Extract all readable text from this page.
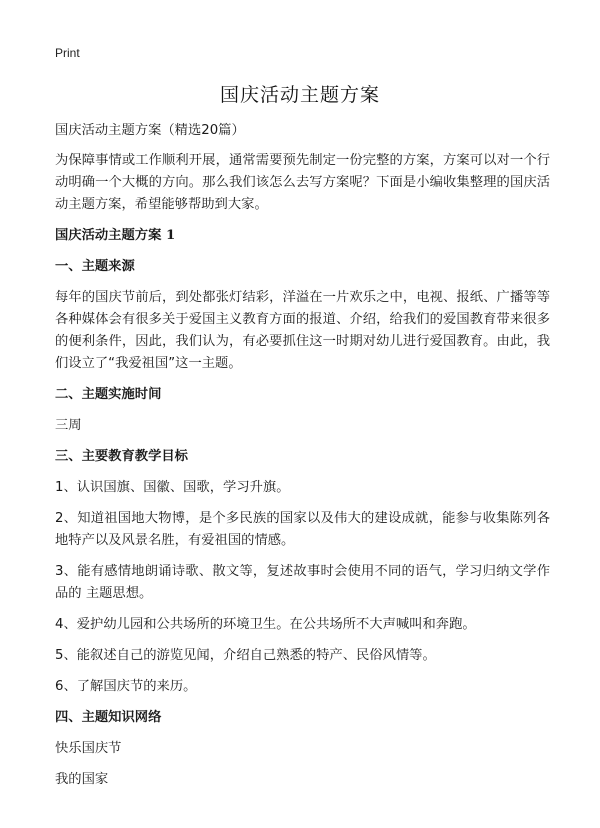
Print
国庆活动主题方案

国庆活动主题方案（精选20篇）

为保障事情或工作顺利开展，通常需要预先制定一份完整的方案，方案可以对一个行动明确一个大概的方向。那么我们该怎么去写方案呢？下面是小编收集整理的国庆活动主题方案，希望能够帮助到大家。

国庆活动主题方案 1

一、主题来源

每年的国庆节前后，到处都张灯结彩，洋溢在一片欢乐之中，电视、报纸、广播等等各种媒体会有很多关于爱国主义教育方面的报道、介绍，给我们的爱国教育带来很多的便利条件，因此，我们认为，有必要抓住这一时期对幼儿进行爱国教育。由此，我们设立了“我爱祖国”这一主题。

二、主题实施时间

三周

三、主要教育教学目标

1、认识国旗、国徽、国歌，学习升旗。

2、知道祖国地大物博，是个多民族的国家以及伟大的建设成就，能参与收集陈列各地特产以及风景名胜，有爱祖国的情感。

3、能有感情地朗诵诗歌、散文等，复述故事时会使用不同的语气，学习归纳文学作品的 主题思想。

4、爱护幼儿园和公共场所的环境卫生。在公共场所不大声喊叫和奔跑。

5、能叙述自己的游览见闻，介绍自己熟悉的特产、民俗风情等。

6、了解国庆节的来历。

四、主题知识网络

快乐国庆节

我的国家
